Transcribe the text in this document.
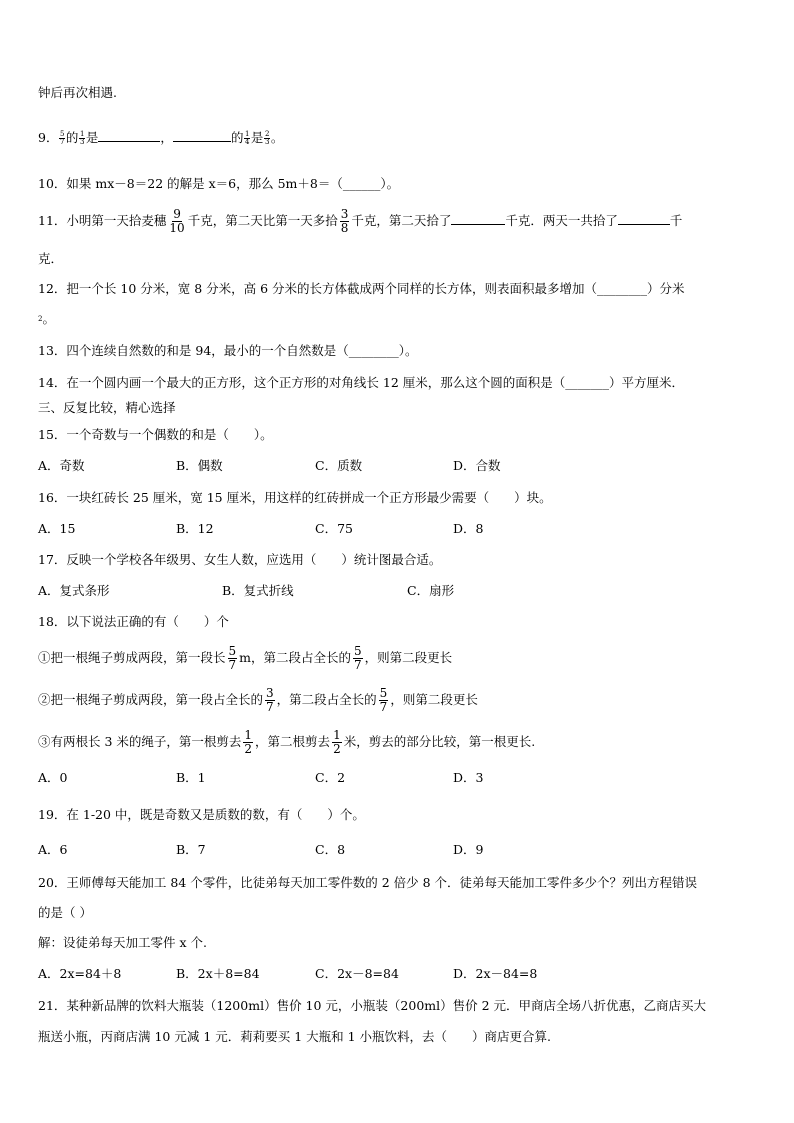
钟后再次相遇.
9． $\frac{5}{7}$ 的 $\frac{1}{3}$ 是	，	的 $\frac{1}{4}$ 是 $\frac{2}{3}$ 。
10．如果 mx－8＝22 的解是 x＝6，那么 5m＋8＝（______）。
11．小明第一天拾麦穗 $\frac{9}{10}$ 千克，第二天比第一天多拾 $\frac{3}{8}$ 千克，第二天拾了	千克．两天一共拾了	千
克．
12．把一个长 10 分米，宽 8 分米，高 6 分米的长方体截成两个同样的长方体，则表面积最多增加（________）分米
$^2$。
13．四个连续自然数的和是 94，最小的一个自然数是（________）。
14．在一个圆内画一个最大的正方形，这个正方形的对角线长 12 厘米，那么这个圆的面积是（_______）平方厘米．
三、反复比较，精心选择
15．一个奇数与一个偶数的和是（　　）。
A．奇数	B．偶数	C．质数	D．合数
16．一块红砖长 25 厘米，宽 15 厘米，用这样的红砖拼成一个正方形最少需要（　　）块。
A．15	B．12	C．75	D．8
17．反映一个学校各年级男、女生人数，应选用（　　）统计图最合适。
A．复式条形	B．复式折线	C．扇形
18．以下说法正确的有（　　）个
①把一根绳子剪成两段，第一段长 $\frac{5}{7}$ m，第二段占全长的 $\frac{5}{7}$ ，则第二段更长
②把一根绳子剪成两段，第一段占全长的 $\frac{3}{7}$ ，第二段占全长的 $\frac{5}{7}$ ，则第二段更长
③有两根长 3 米的绳子，第一根剪去 $\frac{1}{2}$ ，第二根剪去 $\frac{1}{2}$ 米，剪去的部分比较，第一根更长.
A．0	B．1	C．2	D．3
19．在 1-20 中，既是奇数又是质数的数，有（　　）个。
A．6	B．7	C．8	D．9
20．王师傅每天能加工 84 个零件，比徒弟每天加工零件数的 2 倍少 8 个．徒弟每天能加工零件多少个？列出方程错误
的是（ ）
解：设徒弟每天加工零件 x 个.
A．2x=84＋8	B．2x＋8=84	C．2x－8=84	D．2x－84=8
21．某种新品牌的饮料大瓶装（1200ml）售价 10 元，小瓶装（200ml）售价 2 元．甲商店全场八折优惠，乙商店买大
瓶送小瓶，丙商店满 10 元减 1 元．莉莉要买 1 大瓶和 1 小瓶饮料，去（　　）商店更合算.
